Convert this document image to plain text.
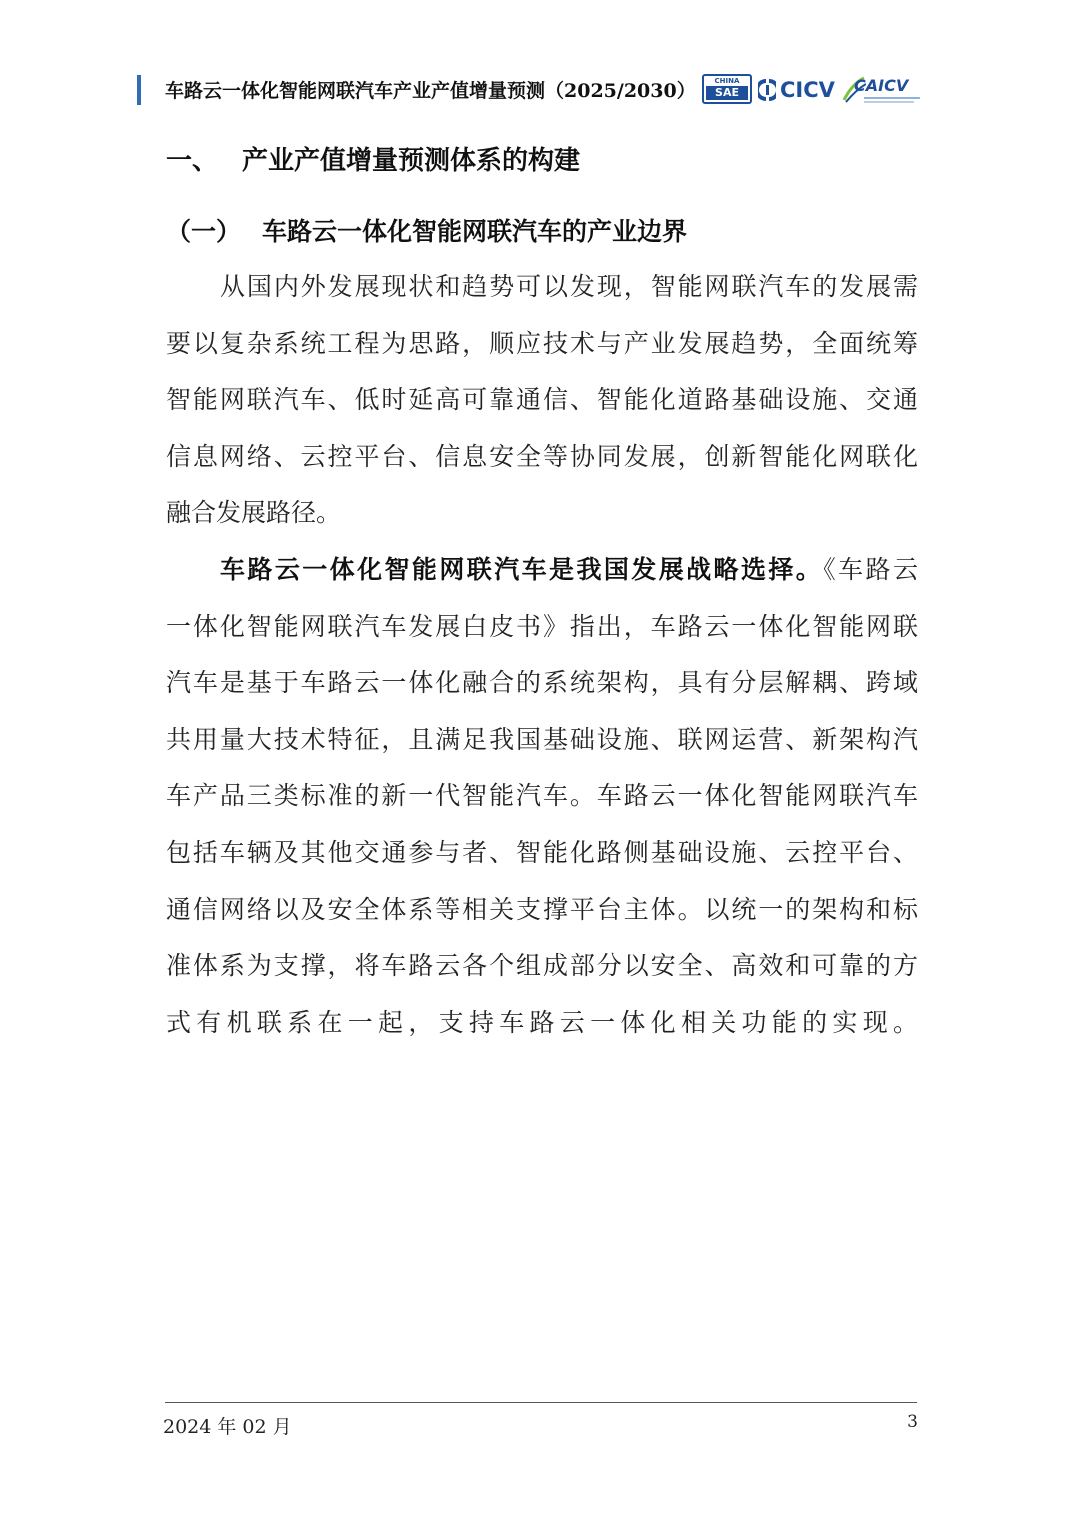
车路云一体化智能网联汽车产业产值增量预测（2025/2030）	CHINA
SAE	CICV CAICV
一、 产业产值增量预测体系的构建
（一） 车路云一体化智能网联汽车的产业边界
从国内外发展现状和趋势可以发现，智能网联汽车的发展需
要以复杂系统工程为思路，顺应技术与产业发展趋势，全面统筹
智能网联汽车、低时延高可靠通信、智能化道路基础设施、交通
信息网络、云控平台、信息安全等协同发展，创新智能化网联化
融合发展路径。
车路云一体化智能网联汽车是我国发展战略选择。《车路云
一体化智能网联汽车发展白皮书》指出，车路云一体化智能网联
汽车是基于车路云一体化融合的系统架构，具有分层解耦、跨域
共用量大技术特征，且满足我国基础设施、联网运营、新架构汽
车产品三类标准的新一代智能汽车。车路云一体化智能网联汽车
包括车辆及其他交通参与者、智能化路侧基础设施、云控平台、
通信网络以及安全体系等相关支撑平台主体。以统一的架构和标
准体系为支撑，将车路云各个组成部分以安全、高效和可靠的方
式有机联系在一起，支持车路云一体化相关功能的实现。
2024 年 02 月	3
